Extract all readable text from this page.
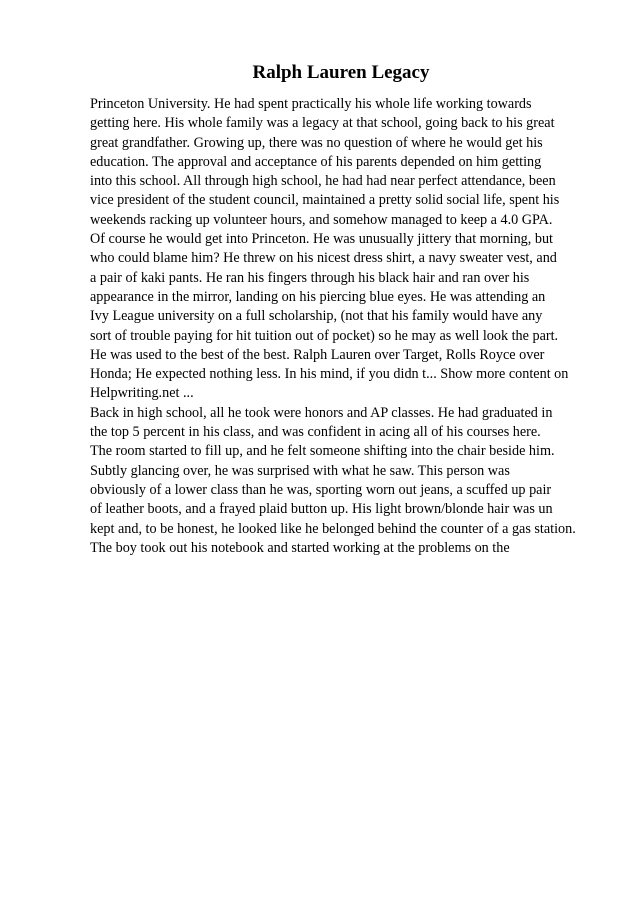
Ralph Lauren Legacy
Princeton University. He had spent practically his whole life working towards
getting here. His whole family was a legacy at that school, going back to his great
great grandfather. Growing up, there was no question of where he would get his
education. The approval and acceptance of his parents depended on him getting
into this school. All through high school, he had had near perfect attendance, been
vice president of the student council, maintained a pretty solid social life, spent his
weekends racking up volunteer hours, and somehow managed to keep a 4.0 GPA.
Of course he would get into Princeton. He was unusually jittery that morning, but
who could blame him? He threw on his nicest dress shirt, a navy sweater vest, and
a pair of kaki pants. He ran his fingers through his black hair and ran over his
appearance in the mirror, landing on his piercing blue eyes. He was attending an
Ivy League university on a full scholarship, (not that his family would have any
sort of trouble paying for hit tuition out of pocket) so he may as well look the part.
He was used to the best of the best. Ralph Lauren over Target, Rolls Royce over
Honda; He expected nothing less. In his mind, if you didn t... Show more content on
Helpwriting.net ...
Back in high school, all he took were honors and AP classes. He had graduated in
the top 5 percent in his class, and was confident in acing all of his courses here.
The room started to fill up, and he felt someone shifting into the chair beside him.
Subtly glancing over, he was surprised with what he saw. This person was
obviously of a lower class than he was, sporting worn out jeans, a scuffed up pair
of leather boots, and a frayed plaid button up. His light brown/blonde hair was un
kept and, to be honest, he looked like he belonged behind the counter of a gas station.
The boy took out his notebook and started working at the problems on the
